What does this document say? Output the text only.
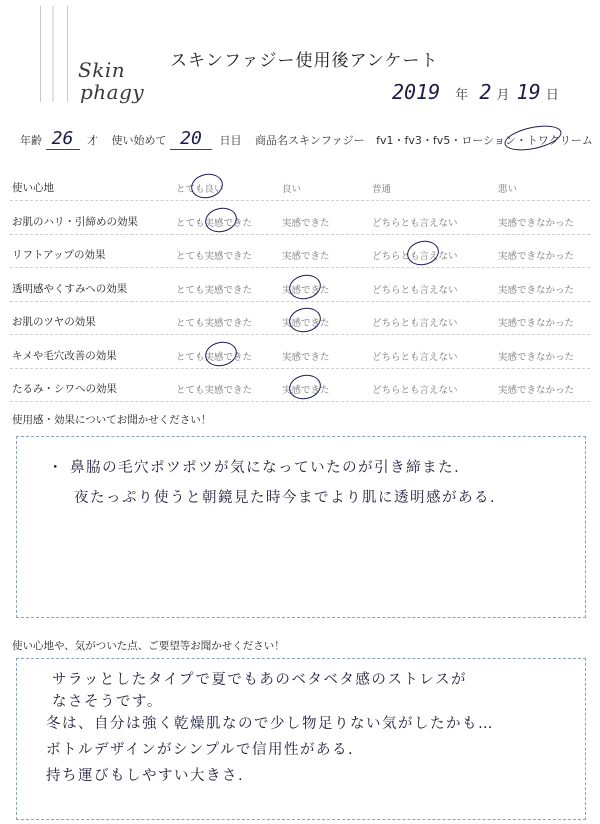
Skin
phagy
スキンファジー使用後アンケート
2019 年 2 月 19 日
年齢 26 才 使い始めて 20 日目 商品名スキンファジー fv1・fv3・fv5・ローション・トワクリーム
使い心地	とても良い	良い	普通	悪い
お肌のハリ・引締めの効果	とても実感できた	実感できた	どちらとも言えない	実感できなかった
リフトアップの効果	とても実感できた	実感できた	どちらとも言えない	実感できなかった
透明感やくすみへの効果	とても実感できた	実感できた	どちらとも言えない	実感できなかった
お肌のツヤの効果	とても実感できた	実感できた	どちらとも言えない	実感できなかった
キメや毛穴改善の効果	とても実感できた	実感できた	どちらとも言えない	実感できなかった
たるみ・シワへの効果	とても実感できた	実感できた	どちらとも言えない	実感できなかった
使用感・効果についてお聞かせください！
・ 鼻脇の毛穴ポツポツが気になっていたのが引き締また.
夜たっぷり使うと朝鏡見た時今までより肌に透明感がある.
使い心地や、気がついた点、ご要望等お聞かせください！
サラッとしたタイプで夏でもあのベタベタ感のストレスが
なさそうです。
冬は、自分は強く乾燥肌なので少し物足りない気がしたかも…
ボトルデザインがシンプルで信用性がある.
持ち運びもしやすい大きさ.
